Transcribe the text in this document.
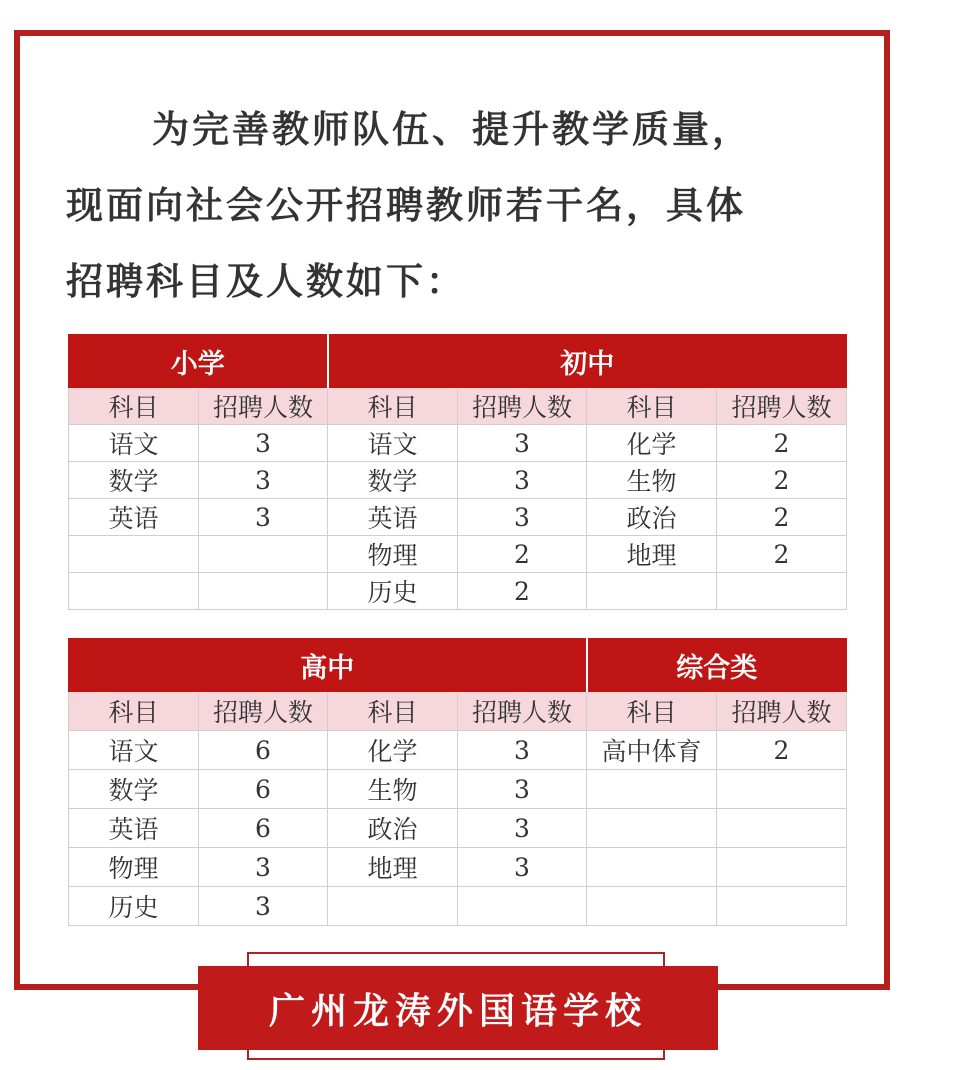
为完善教师队伍、提升教学质量，
现面向社会公开招聘教师若干名，具体
招聘科目及人数如下：

小学		初中			
科目	招聘人数	科目	招聘人数	科目	招聘人数
语文	3	语文	3	化学	2
数学	3	数学	3	生物	2
英语	3	英语	3	政治	2
		物理	2	地理	2
		历史	2		
高中				综合类	
科目	招聘人数	科目	招聘人数	科目	招聘人数
语文	6	化学	3	高中体育	2
数学	6	生物	3		
英语	6	政治	3		
物理	3	地理	3		
历史	3				
广州龙涛外国语学校
